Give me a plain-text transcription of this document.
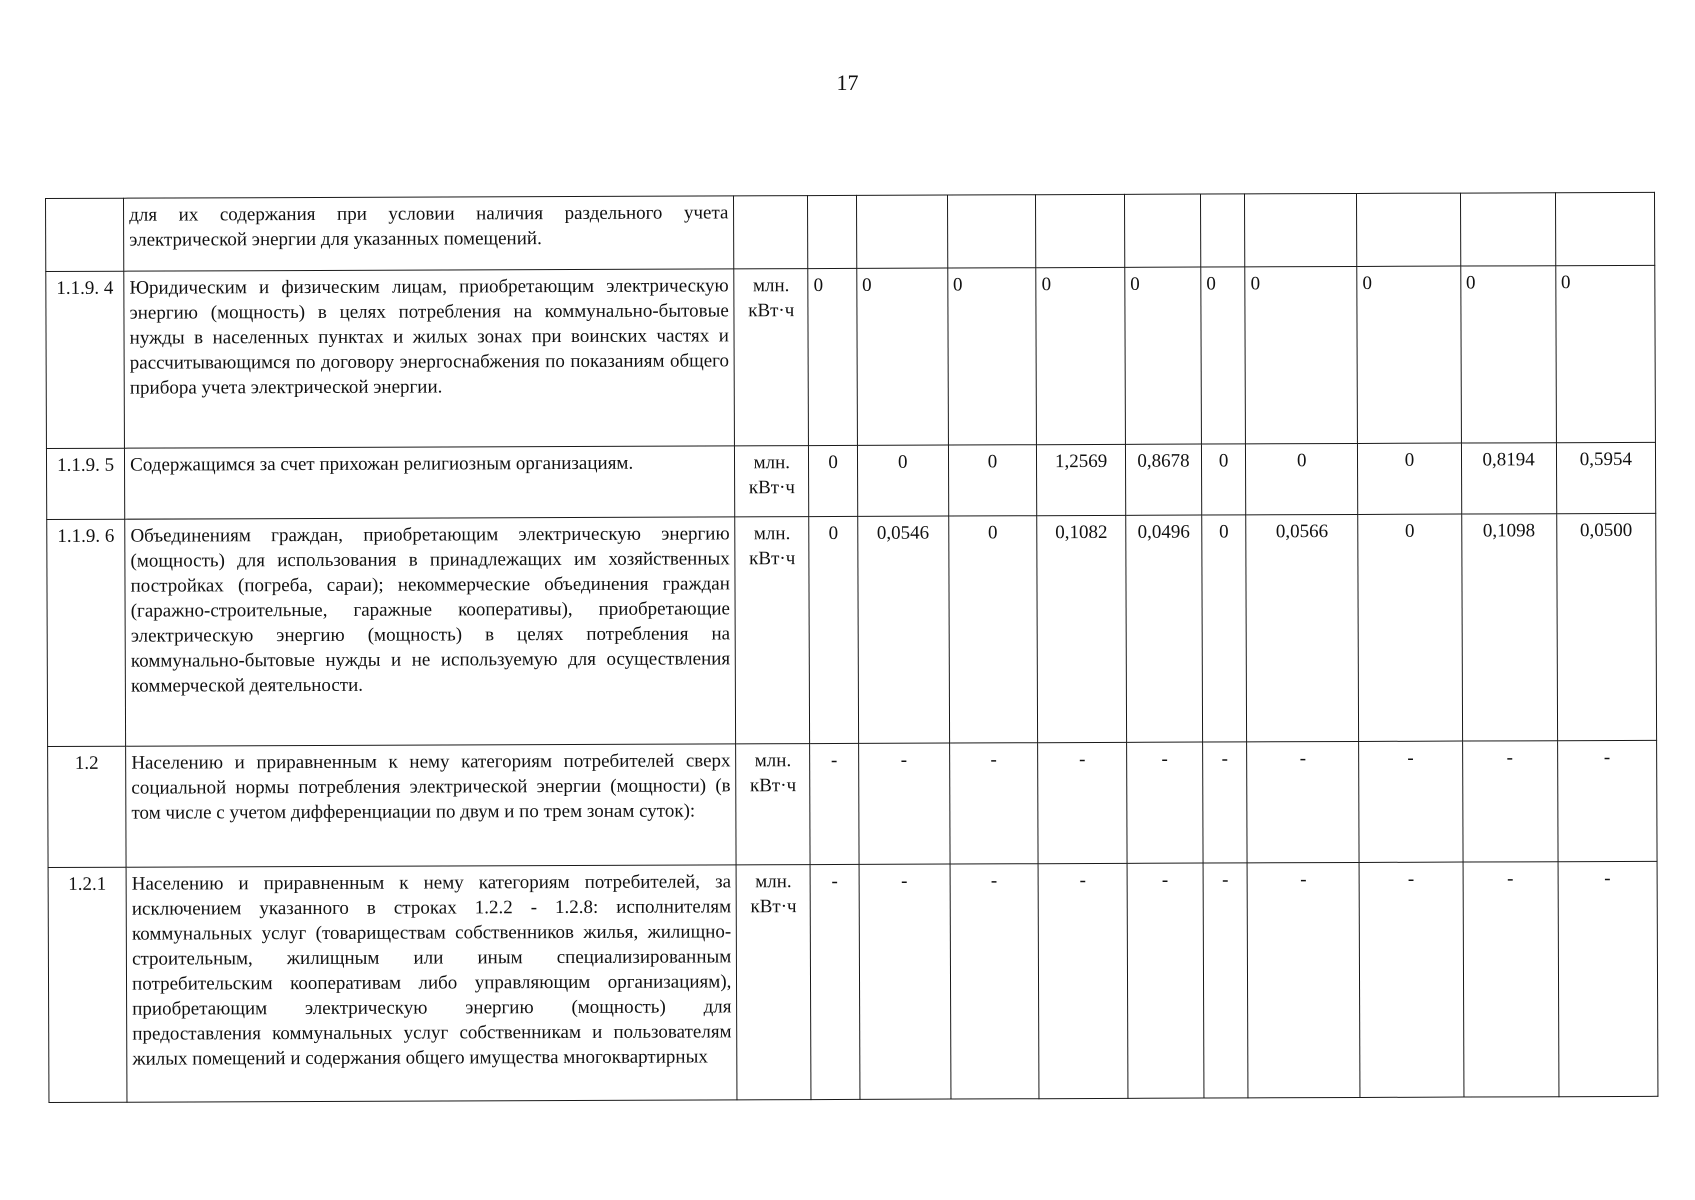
17
	для их содержания при условии наличия раздельного учета электрической энергии для указанных помещений.											
1.1.9. 4	Юридическим и физическим лицам, приобретающим электрическую энергию (мощность) в целях потребления на коммунально-бытовые нужды в населенных пунктах и жилых зонах при воинских частях и рассчитывающимся по договору энергоснабжения по показаниям общего прибора учета электрической энергии.	млн. кВт·ч	0	0	0	0	0	0	0	0	0	0
1.1.9. 5	Содержащимся за счет прихожан религиозным организациям.	млн. кВт·ч	0	0	0	1,2569	0,8678	0	0	0	0,8194	0,5954
1.1.9. 6	Объединениям граждан, приобретающим электрическую энергию (мощность) для использования в принадлежащих им хозяйственных постройках (погреба, сараи); некоммерческие объединения граждан (гаражно-строительные, гаражные кооперативы), приобретающие электрическую энергию (мощность) в целях потребления на коммунально-бытовые нужды и не используемую для осуществления коммерческой деятельности.	млн. кВт·ч	0	0,0546	0	0,1082	0,0496	0	0,0566	0	0,1098	0,0500
1.2	Населению и приравненным к нему категориям потребителей сверх социальной нормы потребления электрической энергии (мощности) (в том числе с учетом дифференциации по двум и по трем зонам суток):	млн. кВт·ч	-	-	-	-	-	-	-	-	-	-
1.2.1	Населению и приравненным к нему категориям потребителей, за исключением указанного в строках 1.2.2 - 1.2.8: исполнителям коммунальных услуг (товариществам собственников жилья, жилищно-строительным, жилищным или иным специализированным потребительским кооперативам либо управляющим организациям), приобретающим электрическую энергию (мощность) для предоставления коммунальных услуг собственникам и пользователям жилых помещений и содержания общего имущества многоквартирных	млн. кВт·ч	-	-	-	-	-	-	-	-	-	-
